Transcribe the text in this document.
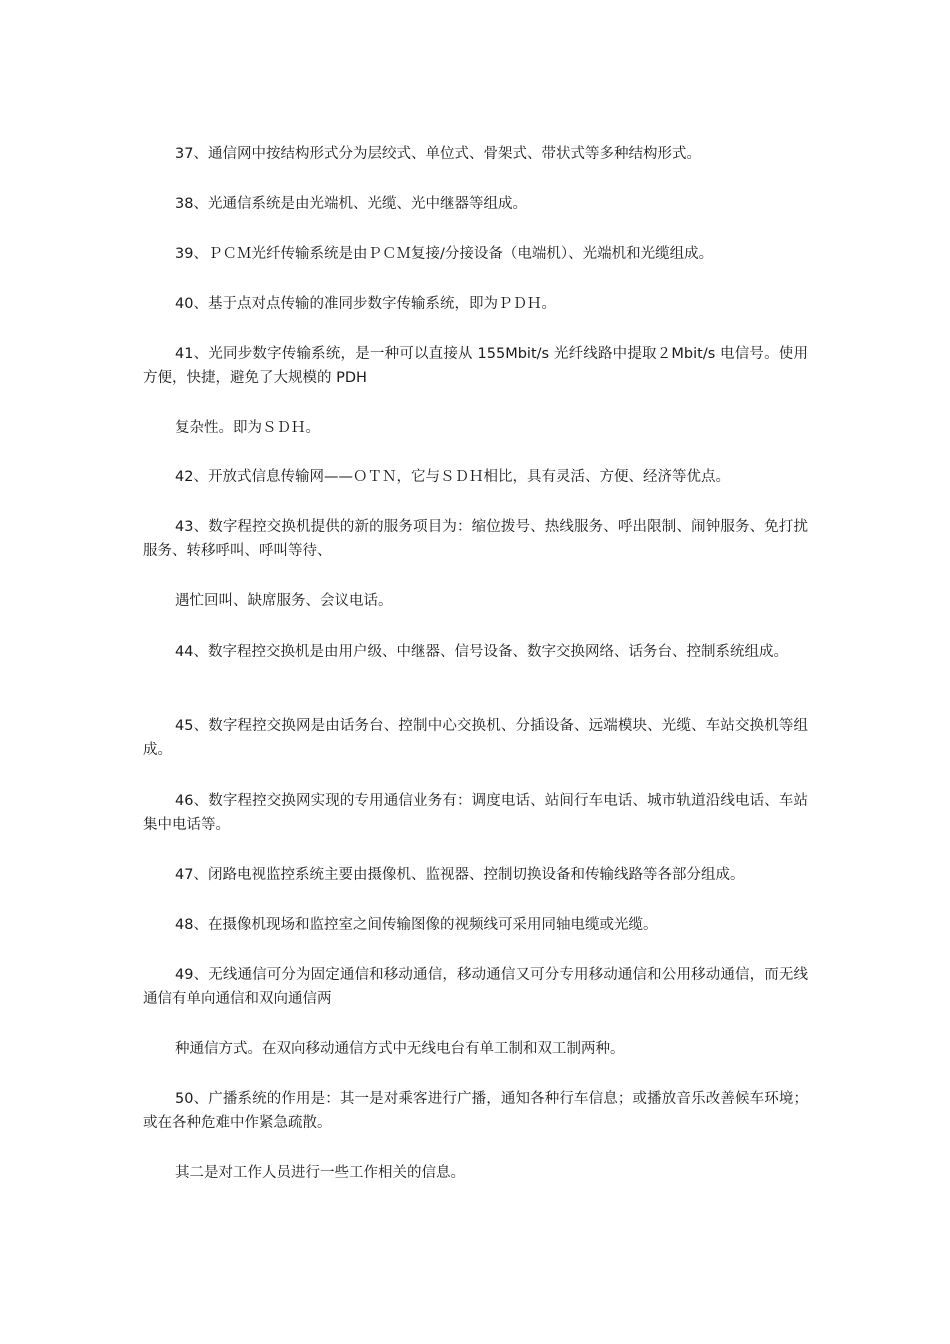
37、通信网中按结构形式分为层绞式、单位式、骨架式、带状式等多种结构形式。

38、光通信系统是由光端机、光缆、光中继器等组成。

39、ＰＣＭ光纤传输系统是由ＰＣＭ复接/分接设备（电端机）、光端机和光缆组成。

40、基于点对点传输的准同步数字传输系统，即为ＰＤＨ。

41、光同步数字传输系统，是一种可以直接从 155Mbit/s 光纤线路中提取２Mbit/s 电信号。使用方便，快捷，避免了大规模的 PDH

复杂性。即为ＳＤＨ。

42、开放式信息传输网——ＯＴＮ，它与ＳＤＨ相比，具有灵活、方便、经济等优点。

43、数字程控交换机提供的新的服务项目为：缩位拨号、热线服务、呼出限制、闹钟服务、免打扰服务、转移呼叫、呼叫等待、

遇忙回叫、缺席服务、会议电话。

44、数字程控交换机是由用户级、中继器、信号设备、数字交换网络、话务台、控制系统组成。

45、数字程控交换网是由话务台、控制中心交换机、分插设备、远端模块、光缆、车站交换机等组成。

46、数字程控交换网实现的专用通信业务有：调度电话、站间行车电话、城市轨道沿线电话、车站集中电话等。

47、闭路电视监控系统主要由摄像机、监视器、控制切换设备和传输线路等各部分组成。

48、在摄像机现场和监控室之间传输图像的视频线可采用同轴电缆或光缆。

49、无线通信可分为固定通信和移动通信，移动通信又可分专用移动通信和公用移动通信，而无线通信有单向通信和双向通信两

种通信方式。在双向移动通信方式中无线电台有单工制和双工制两种。

50、广播系统的作用是：其一是对乘客进行广播，通知各种行车信息；或播放音乐改善候车环境；或在各种危难中作紧急疏散。

其二是对工作人员进行一些工作相关的信息。
